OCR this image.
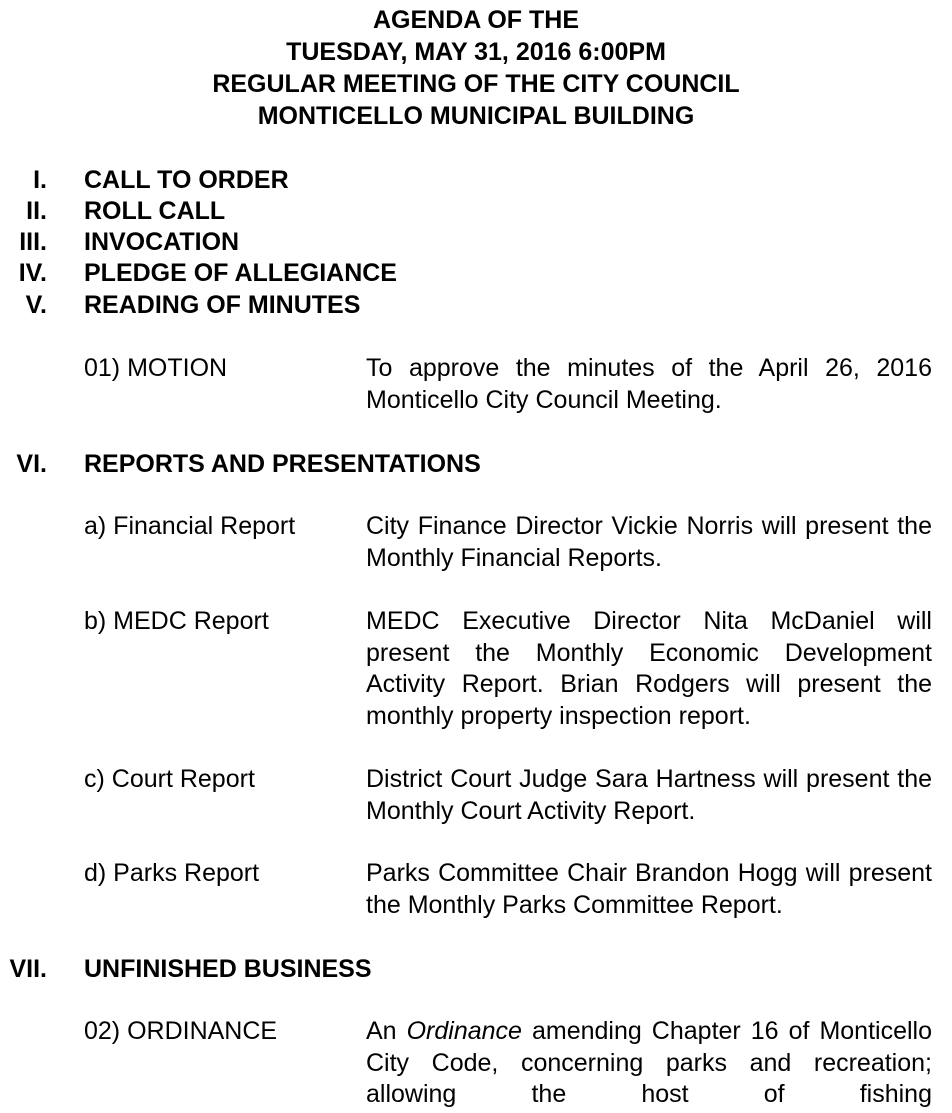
AGENDA OF THE
TUESDAY, MAY 31, 2016 6:00PM
REGULAR MEETING OF THE CITY COUNCIL
MONTICELLO MUNICIPAL BUILDING
I. CALL TO ORDER
II. ROLL CALL
III. INVOCATION
IV. PLEDGE OF ALLEGIANCE
V. READING OF MINUTES
01) MOTION	To approve the minutes of the April 26, 2016 Monticello City Council Meeting.
VI. REPORTS AND PRESENTATIONS
a) Financial Report	City Finance Director Vickie Norris will present the Monthly Financial Reports.
b) MEDC Report	MEDC Executive Director Nita McDaniel will present the Monthly Economic Development Activity Report. Brian Rodgers will present the monthly property inspection report.
c) Court Report	District Court Judge Sara Hartness will present the Monthly Court Activity Report.
d) Parks Report	Parks Committee Chair Brandon Hogg will present the Monthly Parks Committee Report.
VII. UNFINISHED BUSINESS
02) ORDINANCE	An Ordinance amending Chapter 16 of Monticello City Code, concerning parks and recreation; allowing the host of fishing
